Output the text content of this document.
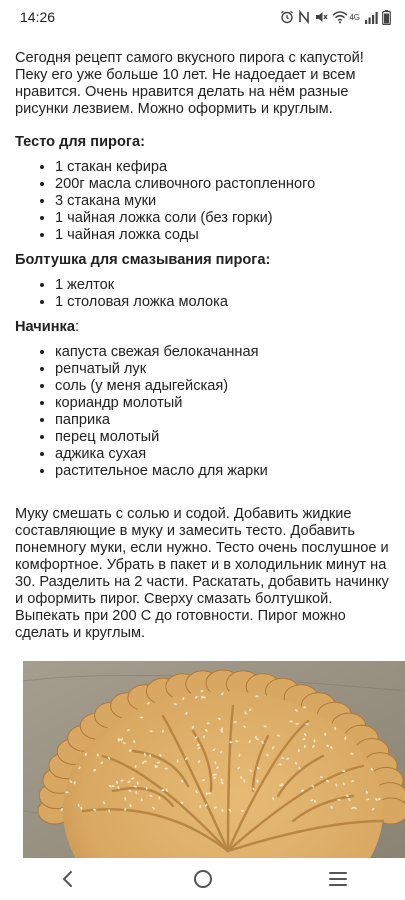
14:26	4G

Сегодня рецепт самого вкусного пирога с капустой! Пеку его уже больше 10 лет. Не надоедает и всем нравится. Очень нравится делать на нём разные рисунки лезвием. Можно оформить и круглым.

Тесто для пирога:

• 1 стакан кефира
• 200г масла сливочного растопленного
• 3 стакана муки
• 1 чайная ложка соли (без горки)
• 1 чайная ложка соды

Болтушка для смазывания пирога:

• 1 желток
• 1 столовая ложка молока

Начинка:

• капуста свежая белокачанная
• репчатый лук
• соль (у меня адыгейская)
• кориандр молотый
• паприка
• перец молотый
• аджика сухая
• растительное масло для жарки

Муку смешать с солью и содой. Добавить жидкие составляющие в муку и замесить тесто. Добавить понемногу муки, если нужно. Тесто очень послушное и комфортное. Убрать в пакет и в холодильник минут на 30. Разделить на 2 части. Раскатать, добавить начинку и оформить пирог. Сверху смазать болтушкой. Выпекать при 200 С до готовности. Пирог можно сделать и круглым.
